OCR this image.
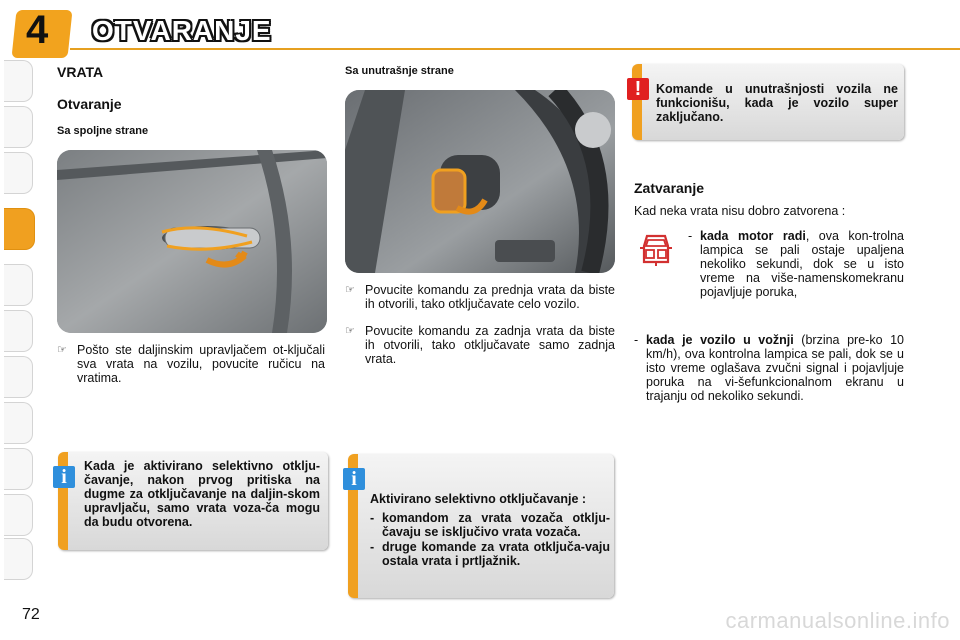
4 OTVARANJE
VRATA
Otvaranje
Sa spoljne strane
☞ Pošto ste daljinskim upravljačem ot-ključali sva vrata na vozilu, povucite ručicu na vratima.
Kada je aktivirano selektivno otklju-čavanje, nakon prvog pritiska na dugme za otključavanje na daljin-skom upravljaču, samo vrata voza-ča mogu da budu otvorena.
i
Sa unutrašnje strane
☞ Povucite komandu za prednja vrata da biste ih otvorili, tako otključavate celo vozilo.
☞ Povucite komandu za zadnja vrata da biste ih otvorili, tako otključavate samo zadnja vrata.
Aktivirano selektivno otključavanje :
- komandom za vrata vozača otklju-čavaju se isključivo vrata vozača.
- druge komande za vrata otključa-vaju ostala vrata i prtljažnik.
i
Komande u unutrašnjosti vozila ne funkcionišu, kada je vozilo super zaključano.
!
Zatvaranje
Kad neka vrata nisu dobro zatvorena :
- kada motor radi, ova kon-trolna lampica se pali ostaje upaljena nekoliko sekundi, dok se u isto vreme na više-namenskomekranu pojavljuje poruka,
- kada je vozilo u vožnji (brzina pre-ko 10 km/h), ova kontrolna lampica se pali, dok se u isto vreme oglašava zvučni signal i pojavljuje poruka na vi-šefunkcionalnom ekranu u trajanju od nekoliko sekundi.
72	carmanualsonline.info
